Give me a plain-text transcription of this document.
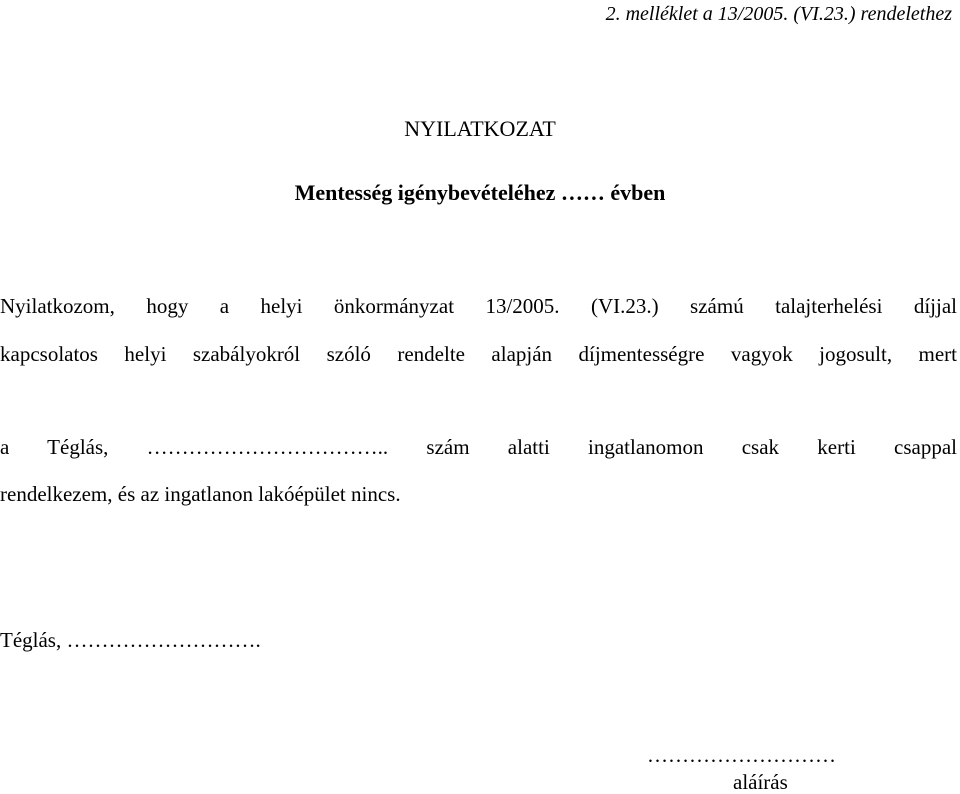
2. melléklet a 13/2005. (VI.23.) rendelethez
NYILATKOZAT
Mentesség igénybevételéhez …… évben
Nyilatkozom, hogy a helyi önkormányzat 13/2005. (VI.23.) számú talajterhelési díjjal
kapcsolatos helyi szabályokról szóló rendelte alapján díjmentességre vagyok jogosult, mert
a Téglás, …………………………….. szám alatti ingatlanomon csak kerti csappal
rendelkezem, és az ingatlanon lakóépület nincs.
Téglás, ……………………….
………………………
aláírás
